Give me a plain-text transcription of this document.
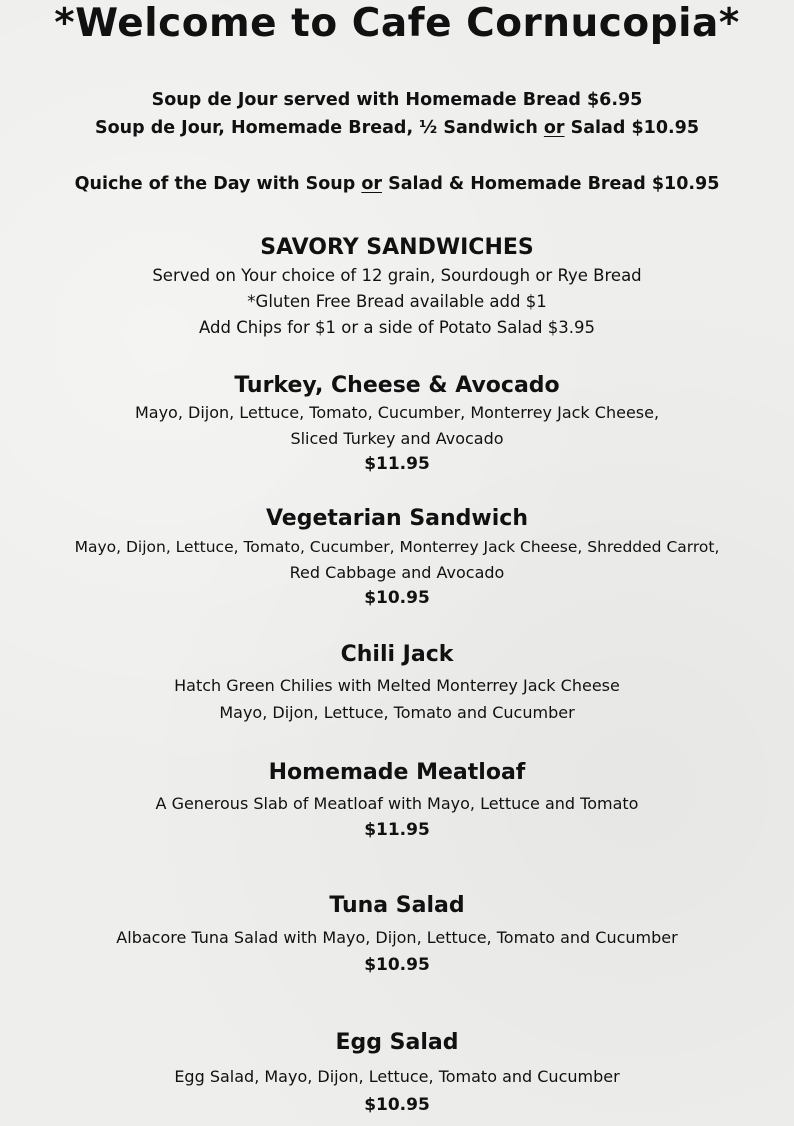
*Welcome to Cafe Cornucopia*
Soup de Jour served with Homemade Bread $6.95
Soup de Jour, Homemade Bread, ½ Sandwich or Salad $10.95
Quiche of the Day with Soup or Salad & Homemade Bread $10.95
SAVORY SANDWICHES
Served on Your choice of 12 grain, Sourdough or Rye Bread
*Gluten Free Bread available add $1
Add Chips for $1 or a side of Potato Salad $3.95
Turkey, Cheese & Avocado
Mayo, Dijon, Lettuce, Tomato, Cucumber, Monterrey Jack Cheese,
Sliced Turkey and Avocado
$11.95
Vegetarian Sandwich
Mayo, Dijon, Lettuce, Tomato, Cucumber, Monterrey Jack Cheese, Shredded Carrot,
Red Cabbage and Avocado
$10.95
Chili Jack
Hatch Green Chilies with Melted Monterrey Jack Cheese
Mayo, Dijon, Lettuce, Tomato and Cucumber
Homemade Meatloaf
A Generous Slab of Meatloaf with Mayo, Lettuce and Tomato
$11.95
Tuna Salad
Albacore Tuna Salad with Mayo, Dijon, Lettuce, Tomato and Cucumber
$10.95
Egg Salad
Egg Salad, Mayo, Dijon, Lettuce, Tomato and Cucumber
$10.95
